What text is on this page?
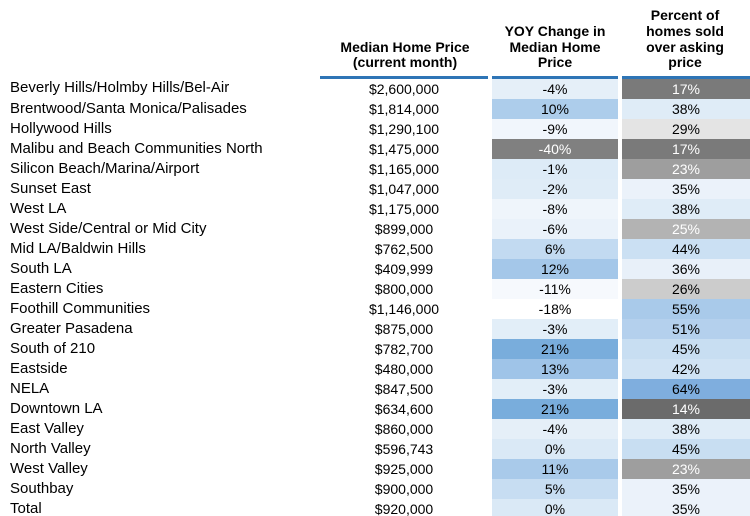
	Median Home Price (current month)	YOY Change in Median Home Price	Percent of homes sold over asking price
Beverly Hills/Holmby Hills/Bel-Air	$2,600,000	-4%	17%
Brentwood/Santa Monica/Palisades	$1,814,000	10%	38%
Hollywood Hills	$1,290,100	-9%	29%
Malibu and Beach Communities North	$1,475,000	-40%	17%
Silicon Beach/Marina/Airport	$1,165,000	-1%	23%
Sunset East	$1,047,000	-2%	35%
West LA	$1,175,000	-8%	38%
West Side/Central or Mid City	$899,000	-6%	25%
Mid LA/Baldwin Hills	$762,500	6%	44%
South LA	$409,999	12%	36%
Eastern Cities	$800,000	-11%	26%
Foothill Communities	$1,146,000	-18%	55%
Greater Pasadena	$875,000	-3%	51%
South of 210	$782,700	21%	45%
Eastside	$480,000	13%	42%
NELA	$847,500	-3%	64%
Downtown LA	$634,600	21%	14%
East Valley	$860,000	-4%	38%
North Valley	$596,743	0%	45%
West Valley	$925,000	11%	23%
Southbay	$900,000	5%	35%
Total	$920,000	0%	35%
